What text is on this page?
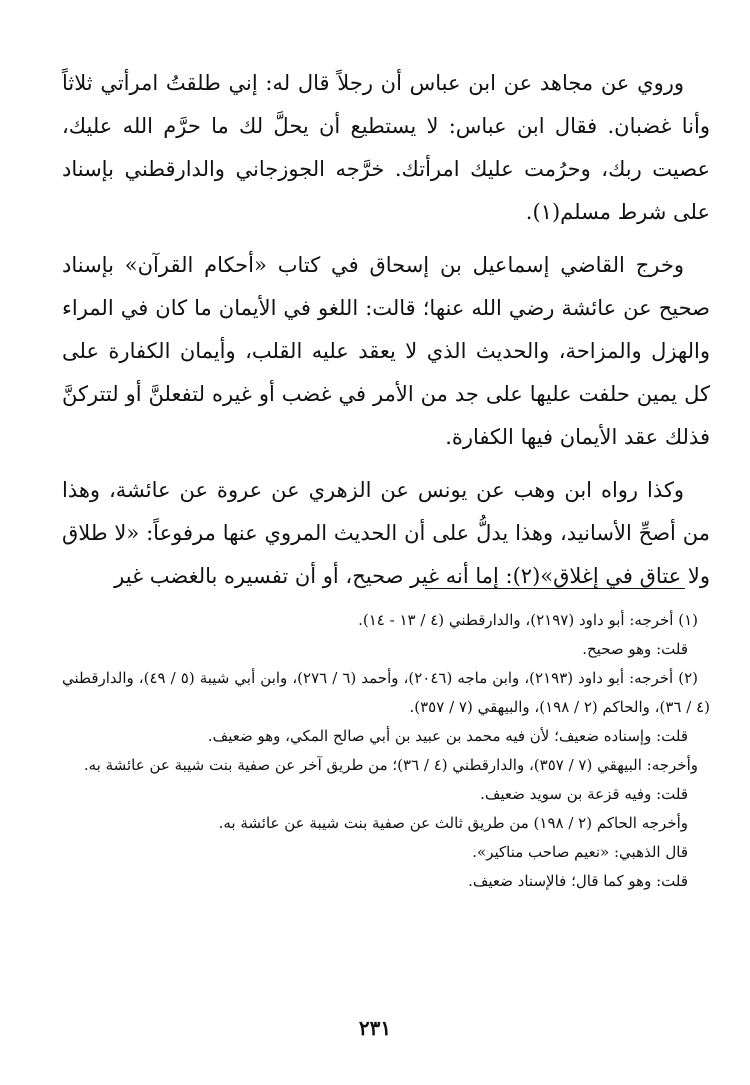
وروي عن مجاهد عن ابن عباس أن رجلاً قال له: إني طلقتُ امرأتي ثلاثاً وأنا غضبان. فقال ابن عباس: لا يستطيع أن يحلَّ لك ما حرَّم الله عليك، عصيت ربك، وحرُمت عليك امرأتك. خرَّجه الجوزجاني والدارقطني بإسناد على شرط مسلم(١).

وخرج القاضي إسماعيل بن إسحاق في كتاب «أحكام القرآن» بإسناد صحيح عن عائشة رضي الله عنها؛ قالت: اللغو في الأيمان ما كان في المراء والهزل والمزاحة، والحديث الذي لا يعقد عليه القلب، وأيمان الكفارة على كل يمين حلفت عليها على جد من الأمر في غضب أو غيره لتفعلنَّ أو لتتركنَّ فذلك عقد الأيمان فيها الكفارة.

وكذا رواه ابن وهب عن يونس عن الزهري عن عروة عن عائشة، وهذا من أصحِّ الأسانيد، وهذا يدلُّ على أن الحديث المروي عنها مرفوعاً: «لا طلاق ولا عتاق في إغلاق»(٢): إما أنه غير صحيح، أو أن تفسيره بالغضب غير

(١) أخرجه: أبو داود (٢١٩٧)، والدارقطني (٤ / ١٣ - ١٤).

قلت: وهو صحيح.

(٢) أخرجه: أبو داود (٢١٩٣)، وابن ماجه (٢٠٤٦)، وأحمد (٦ / ٢٧٦)، وابن أبي شيبة (٥ / ٤٩)، والدارقطني (٤ / ٣٦)، والحاكم (٢ / ١٩٨)، والبيهقي (٧ / ٣٥٧).

قلت: وإسناده ضعيف؛ لأن فيه محمد بن عبيد بن أبي صالح المكي، وهو ضعيف.

وأخرجه: البيهقي (٧ / ٣٥٧)، والدارقطني (٤ / ٣٦)؛ من طريق آخر عن صفية بنت شيبة عن عائشة به.

قلت: وفيه قزعة بن سويد ضعيف.

وأخرجه الحاكم (٢ / ١٩٨) من طريق ثالث عن صفية بنت شيبة عن عائشة به.

قال الذهبي: «نعيم صاحب مناكير».

قلت: وهو كما قال؛ فالإسناد ضعيف.

٢٣١
